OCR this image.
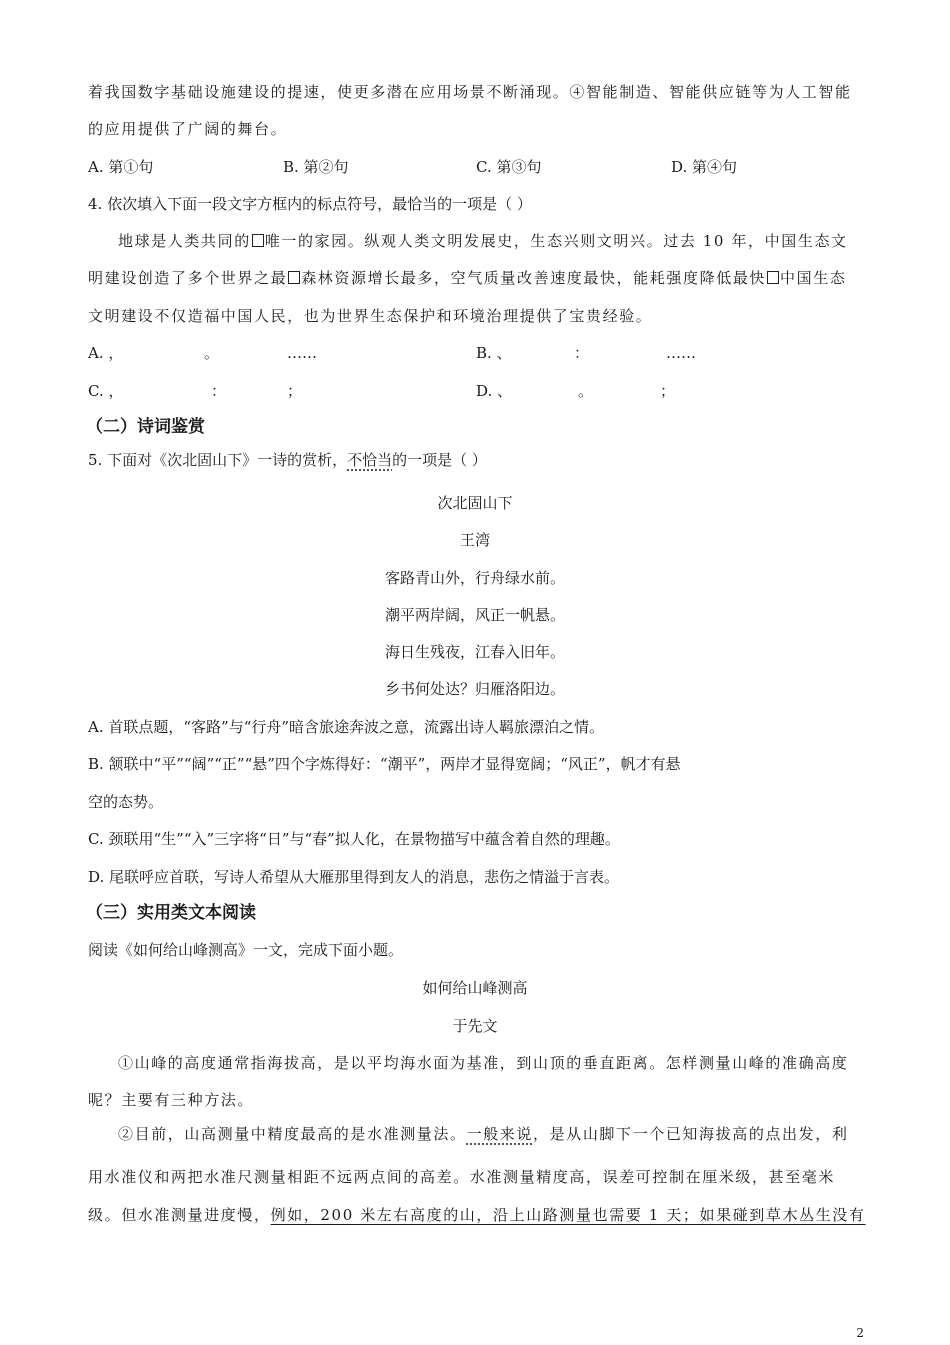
着我国数字基础设施建设的提速，使更多潜在应用场景不断涌现。④智能制造、智能供应链等为人工智能
的应用提供了广阔的舞台。
A. 第①句	B. 第②句	C. 第③句	D. 第④句
4. 依次填入下面一段文字方框内的标点符号，最恰当的一项是（ ）
地球是人类共同的 唯一的家园。纵观人类文明发展史，生态兴则文明兴。过去 10 年，中国生态文
明建设创造了多个世界之最 森林资源增长最多，空气质量改善速度最快，能耗强度降低最快 中国生态
文明建设不仅造福中国人民，也为世界生态保护和环境治理提供了宝贵经验。
A. ，	。	……	B. 、	：	……
C. ，	：	；	D. 、	。	；
（二）诗词鉴赏
5. 下面对《次北固山下》一诗的赏析，不恰当的一项是（ ）
次北固山下
王湾
客路青山外，行舟绿水前。
潮平两岸阔，风正一帆悬。
海日生残夜，江春入旧年。
乡书何处达？归雁洛阳边。
A. 首联点题，“客路”与“行舟”暗含旅途奔波之意，流露出诗人羁旅漂泊之情。
B. 颔联中“平”“阔”“正”“悬”四个字炼得好：“潮平”，两岸才显得宽阔；“风正”，帆才有悬
空的态势。
C. 颈联用“生”“入”三字将“日”与“春”拟人化，在景物描写中蕴含着自然的理趣。
D. 尾联呼应首联，写诗人希望从大雁那里得到友人的消息，悲伤之情溢于言表。
（三）实用类文本阅读
阅读《如何给山峰测高》一文，完成下面小题。
如何给山峰测高
于先文
①山峰的高度通常指海拔高，是以平均海水面为基准，到山顶的垂直距离。怎样测量山峰的准确高度
呢？主要有三种方法。
②目前，山高测量中精度最高的是水准测量法。一般来说，是从山脚下一个已知海拔高的点出发，利
用水准仪和两把水准尺测量相距不远两点间的高差。水准测量精度高，误差可控制在厘米级，甚至毫米
级。但水准测量进度慢，例如，200 米左右高度的山，沿上山路测量也需要 1 天；如果碰到草木丛生没有
2
